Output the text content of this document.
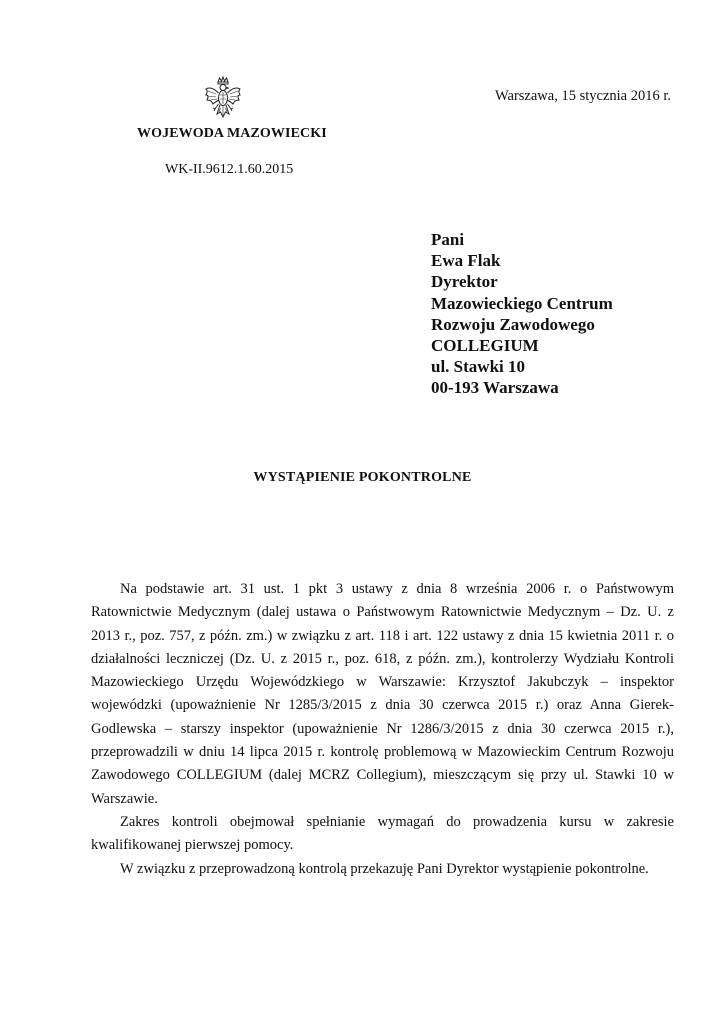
WOJEWODA MAZOWIECKI
WK-II.9612.1.60.2015
Warszawa, 15 stycznia 2016 r.
Pani
Ewa Flak
Dyrektor
Mazowieckiego Centrum
Rozwoju Zawodowego
COLLEGIUM
ul. Stawki 10
00-193 Warszawa
WYSTĄPIENIE POKONTROLNE

Na podstawie art. 31 ust. 1 pkt 3 ustawy z dnia 8 września 2006 r. o Państwowym Ratownictwie Medycznym (dalej ustawa o Państwowym Ratownictwie Medycznym – Dz. U. z 2013 r., poz. 757, z późn. zm.) w związku z art. 118 i art. 122 ustawy z dnia 15 kwietnia 2011 r. o działalności leczniczej (Dz. U. z 2015 r., poz. 618, z późn. zm.), kontrolerzy Wydziału Kontroli Mazowieckiego Urzędu Wojewódzkiego w Warszawie: Krzysztof Jakubczyk – inspektor wojewódzki (upoważnienie Nr 1285/3/2015 z dnia 30 czerwca 2015 r.) oraz Anna Gierek-Godlewska – starszy inspektor (upoważnienie Nr 1286/3/2015 z dnia 30 czerwca 2015 r.), przeprowadzili w dniu 14 lipca 2015 r. kontrolę problemową w Mazowieckim Centrum Rozwoju Zawodowego COLLEGIUM (dalej MCRZ Collegium), mieszczącym się przy ul. Stawki 10 w Warszawie.

Zakres kontroli obejmował spełnianie wymagań do prowadzenia kursu w zakresie kwalifikowanej pierwszej pomocy.

W związku z przeprowadzoną kontrolą przekazuję Pani Dyrektor wystąpienie pokontrolne.
